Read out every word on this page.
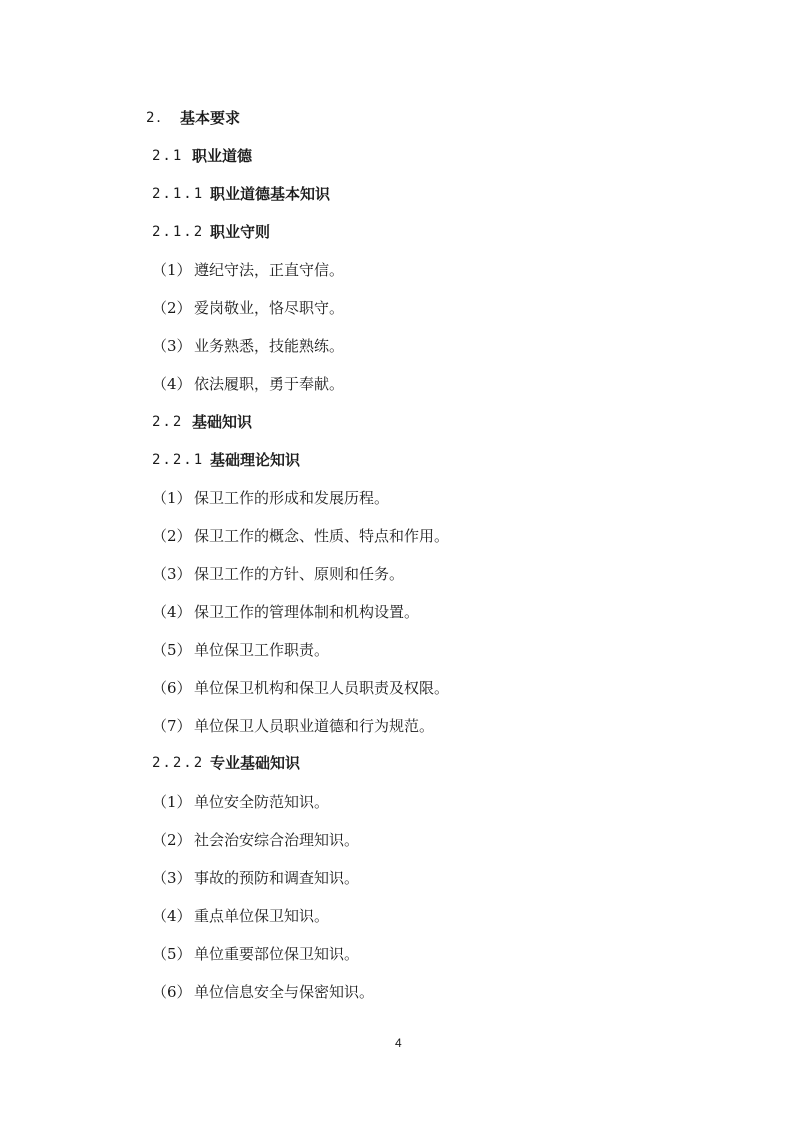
2． 基本要求
2.1 职业道德
2.1.1 职业道德基本知识
2.1.2 职业守则
（1） 遵纪守法，正直守信。
（2） 爱岗敬业，恪尽职守。
（3） 业务熟悉，技能熟练。
（4） 依法履职，勇于奉献。
2.2 基础知识
2.2.1 基础理论知识
（1） 保卫工作的形成和发展历程。
（2） 保卫工作的概念、性质、特点和作用。
（3） 保卫工作的方针、原则和任务。
（4） 保卫工作的管理体制和机构设置。
（5） 单位保卫工作职责。
（6） 单位保卫机构和保卫人员职责及权限。
（7） 单位保卫人员职业道德和行为规范。
2.2.2 专业基础知识
（1） 单位安全防范知识。
（2） 社会治安综合治理知识。
（3） 事故的预防和调查知识。
（4） 重点单位保卫知识。
（5） 单位重要部位保卫知识。
（6） 单位信息安全与保密知识。
4
